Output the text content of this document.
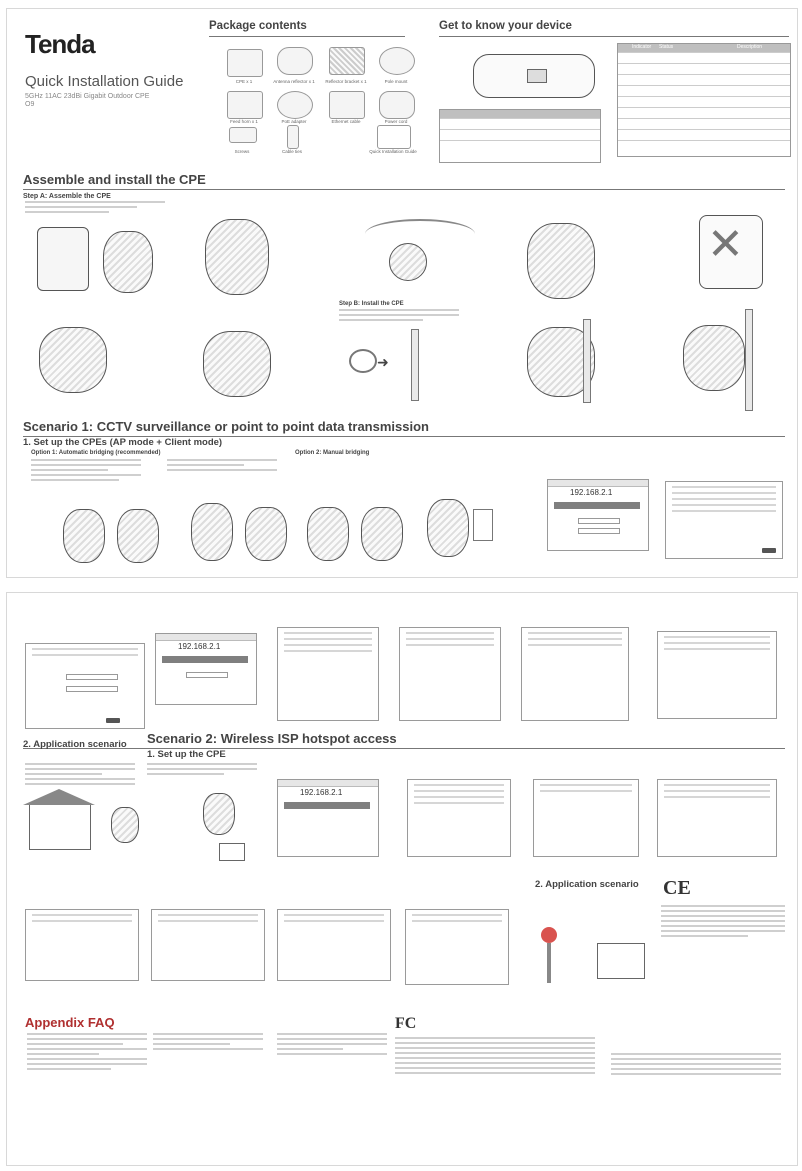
Tenda
Quick Installation Guide
5GHz 11AC 23dBi Gigabit Outdoor CPE
O9
Package contents
CPE x 1	Antenna reflector x 1	Reflector bracket x 1	Pole mount
Feed horn x 1	PoE adapter	Ethernet cable	Power cord
Screws	Cable ties	Quick Installation Guide
Get to know your device
Indicator Status	Description
Assemble and install the CPE
Step A: Assemble the CPE
✕
Step B: Install the CPE
➜
Scenario 1: CCTV surveillance or point to point data transmission
1. Set up the CPEs (AP mode + Client mode)
Option 1: Automatic bridging (recommended)	Option 2: Manual bridging
192.168.2.1
192.168.2.1
Scenario 2: Wireless ISP hotspot access
2. Application scenario
1. Set up the CPE
192.168.2.1
2. Application scenario CE
Appendix FAQ	FC
